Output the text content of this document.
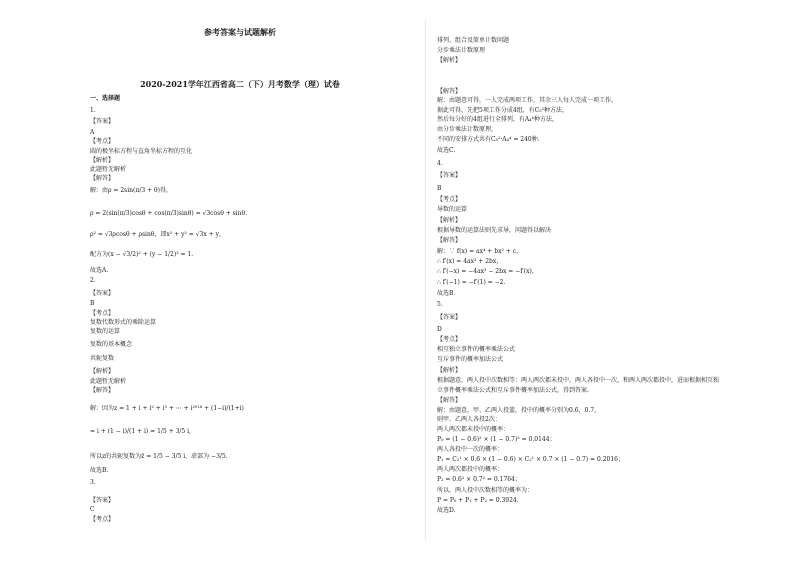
参考答案与试题解析
2020-2021学年江西省高二（下）月考数学（理）试卷
一、选择题
1.
【答案】
A
【考点】
圆的极坐标方程与直角坐标方程的互化
【解析】
此题暂无解析
【解答】
解：由ρ = 2sin(π/3 + θ)得，
ρ = 2(sin(π/3)cosθ + cos(π/3)sinθ) = √3cosθ + sinθ.
ρ² = √3ρcosθ + ρsinθ，即x² + y² = √3x + y，
配方为(x − √3/2)² + (y − 1/2)² = 1.
故选A.
2.
【答案】
B
【考点】
复数代数形式的乘除运算
复数的运算
复数的基本概念
共轭复数
【解析】
此题暂无解析
【解答】
解：因为z = 1 + i + i² + i³ + ⋯ + i²⁰¹⁸ + (1−i)/(1+i)
= i + (1 − i)/(1 + i) = 1/5 + 3/5 i,
所以z的共轭复数为z̄ = 1/5 − 3/5 i，虚部为 −3/5.
故选B.
3.
【答案】
C
【考点】
排列、组合及简单计数问题
分步乘法计数原理
【解析】
【解答】
解：由题意可得，一人完成两项工作，其余三人每人完成一项工作，
据此可得，先把5项工作分成4组，有C₅²种方法，
然后每分好的4组进行全排列，有A₄⁴种方法，
由分步乘法计数原理，
不同的安排方式共有C₅²·A₄⁴ = 240种.
故选C.
4.
【答案】
B
【考点】
导数的运算
【解析】
根据导数的运算法则先求导，问题得以解决
【解答】
解：∵ f(x) = ax⁴ + bx² + c，
∴ f′(x) = 4ax³ + 2bx，
∴ f′(−x) = −4ax³ − 2bx = −f′(x)，
∴ f′(−1) = −f′(1) = −2.
故选B.
5.
【答案】
D
【考点】
相互独立事件的概率乘法公式
互斥事件的概率加法公式
【解析】
根据题意，两人投中次数相等：两人两次都未投中，两人各投中一次，和两人两次都投中，进而根据相互独
立事件概率乘法公式和互斥事件概率加法公式，得到答案.
【解答】
解：由题意，甲、乙两人投篮，投中的概率分别为0.6，0.7，
则甲、乙两人各投2次：
两人两次都未投中的概率：
P₀ = (1 − 0.6)² × (1 − 0.7)² = 0.0144；
两人各投中一次的概率：
P₁ = C₂¹ × 0.6 × (1 − 0.6) × C₂¹ × 0.7 × (1 − 0.7) = 0.2016；
两人两次都投中的概率：
P₂ = 0.6² × 0.7² = 0.1764；
所以，两人投中次数相等的概率为：
P = P₀ + P₁ + P₂ = 0.3924.
故选D.
